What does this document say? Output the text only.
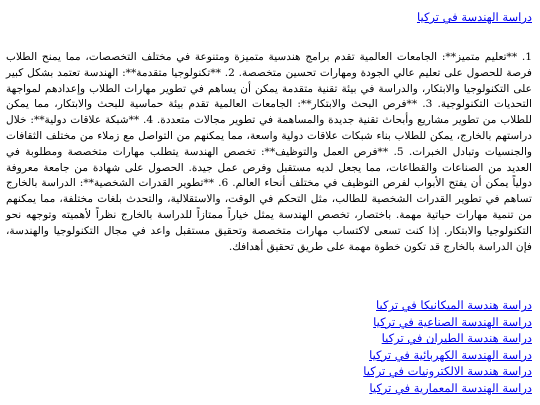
دراسة الهندسة في تركيا
1. **تعليم متميز**: الجامعات العالمية تقدم برامج هندسية متميزة ومتنوعة في مختلف التخصصات، مما يمنح الطلاب فرصة للحصول على تعليم عالي الجودة ومهارات تحسين متخصصة. 2. **تكنولوجيا متقدمة**: الهندسة تعتمد بشكل كبير على التكنولوجيا والابتكار، والدراسة في بيئة تقنية متقدمة يمكن أن يساهم في تطوير مهارات الطلاب وإعدادهم لمواجهة التحديات التكنولوجية. 3. **فرص البحث والابتكار**: الجامعات العالمية تقدم بيئة حماسية للبحث والابتكار، مما يمكن للطلاب من تطوير مشاريع وأبحاث تقنية جديدة والمساهمة في تطوير مجالات متعددة. 4. **شبكة علاقات دولية**: خلال دراستهم بالخارج، يمكن للطلاب بناء شبكات علاقات دولية واسعة، مما يمكنهم من التواصل مع زملاء من مختلف الثقافات والجنسيات وتبادل الخبرات. 5. **فرص العمل والتوظيف**: تخصص الهندسة يتطلب مهارات متخصصة ومطلوبة في العديد من الصناعات والقطاعات، مما يجعل لديه مستقبل وفرص عمل جيدة. الحصول على شهادة من جامعة معروفة دولياً يمكن أن يفتح الأبواب لفرص التوظيف في مختلف أنحاء العالم. 6. **تطوير القدرات الشخصية**: الدراسة بالخارج تساهم في تطوير القدرات الشخصية للطالب، مثل التحكم في الوقت، والاستقلالية، والتحدث بلغات مختلفة، مما يمكنهم من تنمية مهارات حياتية مهمة. باختصار، تخصص الهندسة يمثل خياراً ممتازاً للدراسة بالخارج نظراً لأهميته وتوجهه نحو التكنولوجيا والابتكار. إذا كنت تسعى لاكتساب مهارات متخصصة وتحقيق مستقبل واعد في مجال التكنولوجيا والهندسة، فإن الدراسة بالخارج قد تكون خطوة مهمة على طريق تحقيق أهدافك.
دراسة هندسة الميكانيكا في تركيا
دراسة الهندسة الصناعية في تركيا
دراسة هندسة الطيران في تركيا
دراسة الهندسة الكهربائية في تركيا
دراسة هندسة الالكترونيات في تركيا
دراسة الهندسة المعمارية في تركيا
